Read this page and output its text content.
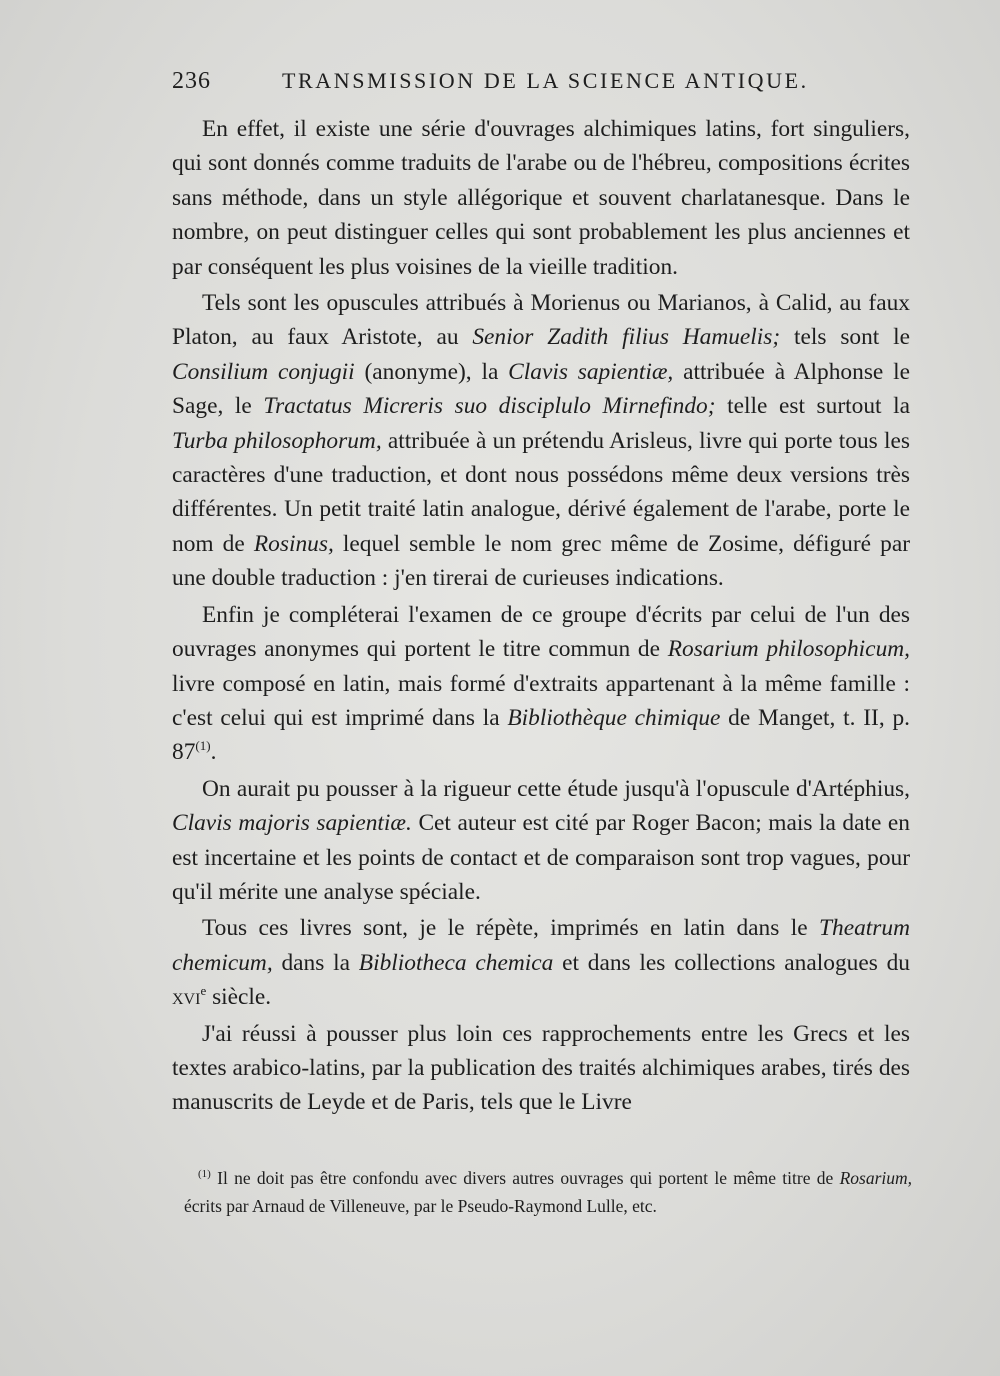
236	TRANSMISSION DE LA SCIENCE ANTIQUE.

En effet, il existe une série d'ouvrages alchimiques latins, fort singuliers, qui sont donnés comme traduits de l'arabe ou de l'hébreu, compositions écrites sans méthode, dans un style allégorique et souvent charlatanesque. Dans le nombre, on peut distinguer celles qui sont probablement les plus anciennes et par conséquent les plus voisines de la vieille tradition.

Tels sont les opuscules attribués à Morienus ou Marianos, à Calid, au faux Platon, au faux Aristote, au Senior Zadith filius Hamuelis; tels sont le Consilium conjugii (anonyme), la Clavis sapientiæ, attribuée à Alphonse le Sage, le Tractatus Micreris suo disciplulo Mirnefindo; telle est surtout la Turba philosophorum, attribuée à un prétendu Arisleus, livre qui porte tous les caractères d'une traduction, et dont nous possédons même deux versions très différentes. Un petit traité latin analogue, dérivé également de l'arabe, porte le nom de Rosinus, lequel semble le nom grec même de Zosime, défiguré par une double traduction : j'en tirerai de curieuses indications.

Enfin je compléterai l'examen de ce groupe d'écrits par celui de l'un des ouvrages anonymes qui portent le titre commun de Rosarium philosophicum, livre composé en latin, mais formé d'extraits appartenant à la même famille : c'est celui qui est imprimé dans la Bibliothèque chimique de Manget, t. II, p. 87$^{(1)}$.

On aurait pu pousser à la rigueur cette étude jusqu'à l'opuscule d'Artéphius, Clavis majoris sapientiæ. Cet auteur est cité par Roger Bacon; mais la date en est incertaine et les points de contact et de comparaison sont trop vagues, pour qu'il mérite une analyse spéciale.

Tous ces livres sont, je le répète, imprimés en latin dans le Theatrum chemicum, dans la Bibliotheca chemica et dans les collections analogues du xvi$^e$ siècle.

J'ai réussi à pousser plus loin ces rapprochements entre les Grecs et les textes arabico-latins, par la publication des traités alchimiques arabes, tirés des manuscrits de Leyde et de Paris, tels que le Livre

$^{(1)}$ Il ne doit pas être confondu avec divers autres ouvrages qui portent le même titre de Rosarium, écrits par Arnaud de Villeneuve, par le Pseudo-Raymond Lulle, etc.
